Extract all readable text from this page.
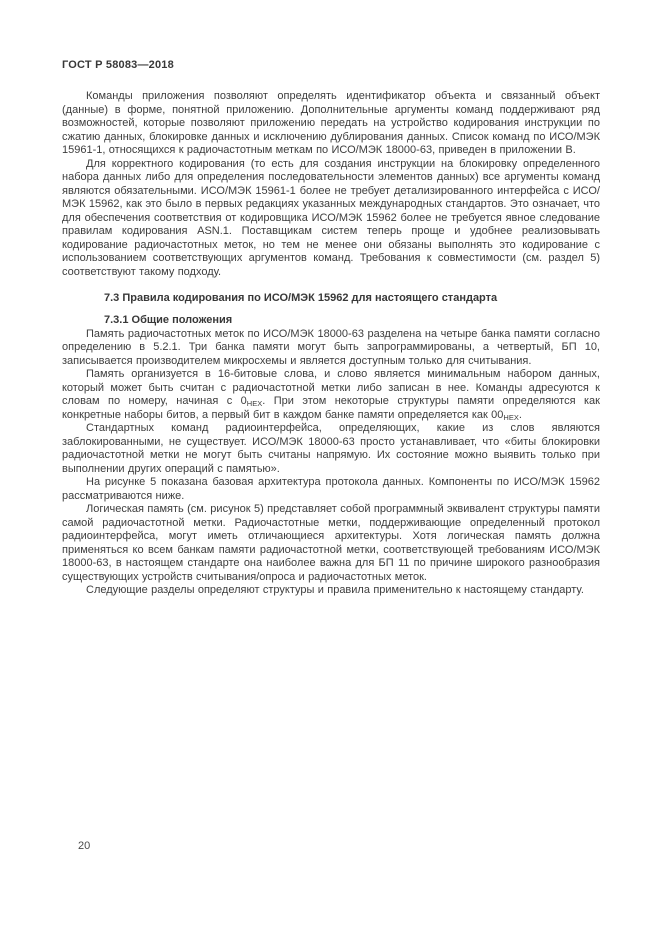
ГОСТ Р 58083—2018

Команды приложения позволяют определять идентификатор объекта и связанный объект (данные) в форме, понятной приложению. Дополнительные аргументы команд поддерживают ряд возможностей, которые позволяют приложению передать на устройство кодирования инструкции по сжатию данных, блокировке данных и исключению дублирования данных. Список команд по ИСО/МЭК 15961-1, относящихся к радиочастотным меткам по ИСО/МЭК 18000-63, приведен в приложении В.

Для корректного кодирования (то есть для создания инструкции на блокировку определенного набора данных либо для определения последовательности элементов данных) все аргументы команд являются обязательными. ИСО/МЭК 15961-1 более не требует детализированного интерфейса с ИСО/МЭК 15962, как это было в первых редакциях указанных международных стандартов. Это означает, что для обеспечения соответствия от кодировщика ИСО/МЭК 15962 более не требуется явное следование правилам кодирования ASN.1. Поставщикам систем теперь проще и удобнее реализовывать кодирование радиочастотных меток, но тем не менее они обязаны выполнять это кодирование с использованием соответствующих аргументов команд. Требования к совместимости (см. раздел 5) соответствуют такому подходу.

7.3 Правила кодирования по ИСО/МЭК 15962 для настоящего стандарта
7.3.1 Общие положения

Память радиочастотных меток по ИСО/МЭК 18000-63 разделена на четыре банка памяти согласно определению в 5.2.1. Три банка памяти могут быть запрограммированы, а четвертый, БП 10, записывается производителем микросхемы и является доступным только для считывания.

Память организуется в 16-битовые слова, и слово является минимальным набором данных, который может быть считан с радиочастотной метки либо записан в нее. Команды адресуются к словам по номеру, начиная с $0_{HEX}$. При этом некоторые структуры памяти определяются как конкретные наборы битов, а первый бит в каждом банке памяти определяется как $00_{HEX}$.

Стандартных команд радиоинтерфейса, определяющих, какие из слов являются заблокированными, не существует. ИСО/МЭК 18000-63 просто устанавливает, что «биты блокировки радиочастотной метки не могут быть считаны напрямую. Их состояние можно выявить только при выполнении других операций с памятью».

На рисунке 5 показана базовая архитектура протокола данных. Компоненты по ИСО/МЭК 15962 рассматриваются ниже.

Логическая память (см. рисунок 5) представляет собой программный эквивалент структуры памяти самой радиочастотной метки. Радиочастотные метки, поддерживающие определенный протокол радиоинтерфейса, могут иметь отличающиеся архитектуры. Хотя логическая память должна применяться ко всем банкам памяти радиочастотной метки, соответствующей требованиям ИСО/МЭК 18000-63, в настоящем стандарте она наиболее важна для БП 11 по причине широкого разнообразия существующих устройств считывания/опроса и радиочастотных меток.

Следующие разделы определяют структуры и правила применительно к настоящему стандарту.

20
